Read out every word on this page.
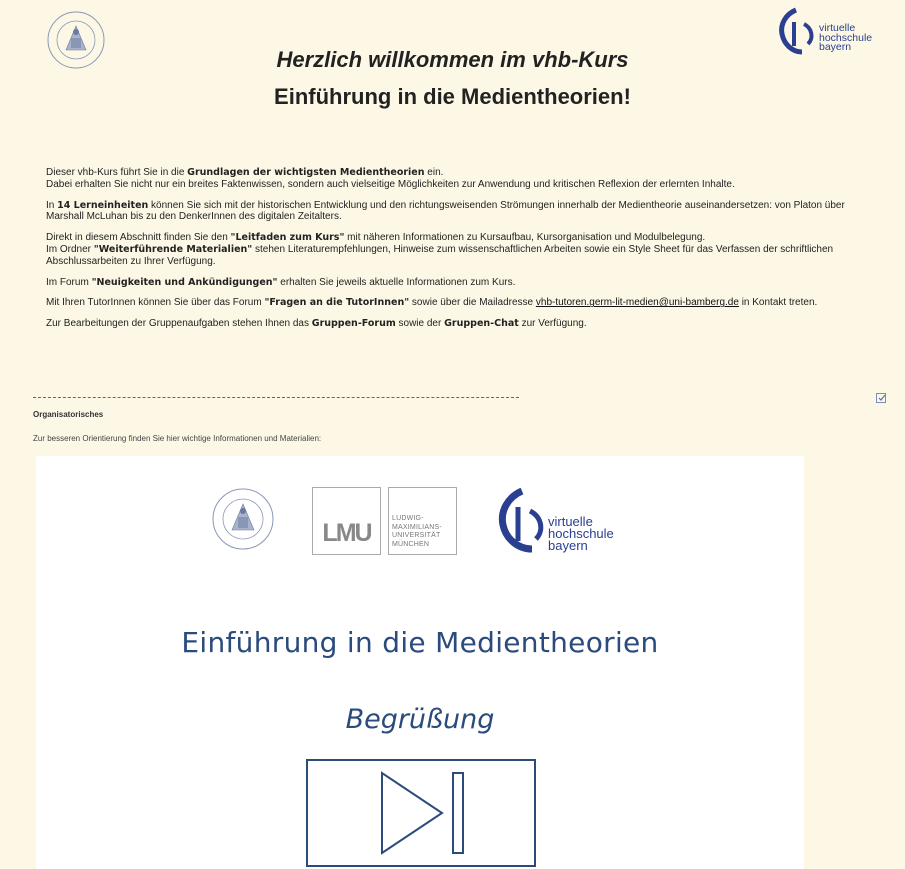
virtuelle
hochschule
bayern
Herzlich willkommen im vhb-Kurs
Einführung in die Medientheorien!

Dieser vhb-Kurs führt Sie in die Grundlagen der wichtigsten Medientheorien ein.
Dabei erhalten Sie nicht nur ein breites Faktenwissen, sondern auch vielseitige Möglichkeiten zur Anwendung und kritischen Reflexion der erlernten Inhalte.

In 14 Lerneinheiten können Sie sich mit der historischen Entwicklung und den richtungsweisenden Strömungen innerhalb der Medientheorie auseinandersetzen: von Platon über Marshall McLuhan bis zu den DenkerInnen des digitalen Zeitalters.

Direkt in diesem Abschnitt finden Sie den "Leitfaden zum Kurs" mit näheren Informationen zu Kursaufbau, Kursorganisation und Modulbelegung.
Im Ordner "Weiterführende Materialien" stehen Literaturempfehlungen, Hinweise zum wissenschaftlichen Arbeiten sowie ein Style Sheet für das Verfassen der schriftlichen Abschlussarbeiten zu Ihrer Verfügung.

Im Forum "Neuigkeiten und Ankündigungen" erhalten Sie jeweils aktuelle Informationen zum Kurs.

Mit Ihren TutorInnen können Sie über das Forum "Fragen an die TutorInnen" sowie über die Mailadresse vhb-tutoren.germ-lit-medien@uni-bamberg.de in Kontakt treten.

Zur Bearbeitungen der Gruppenaufgaben stehen Ihnen das Gruppen-Forum sowie der Gruppen-Chat zur Verfügung.

Organisatorisches
Zur besseren Orientierung finden Sie hier wichtige Informationen und Materialien:
LMU
LUDWIG-
MAXIMILIANS-
UNIVERSITÄT
MÜNCHEN
virtuelle
hochschule
bayern
Einführung in die Medientheorien
Begrüßung
